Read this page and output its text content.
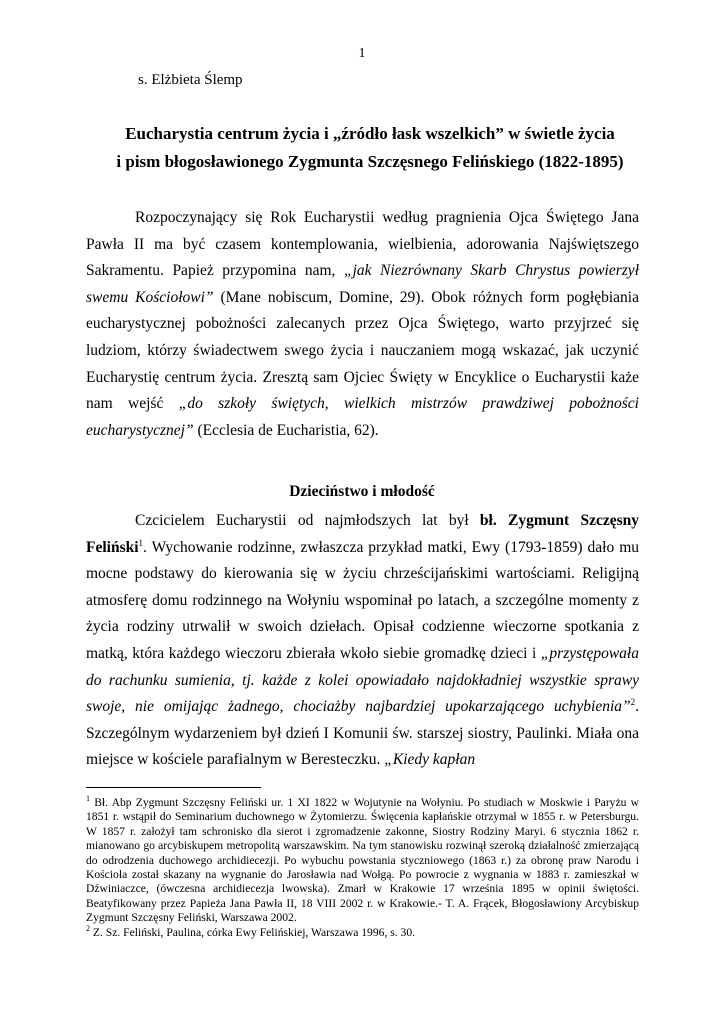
1
s. Elżbieta Ślemp
Eucharystia centrum życia i „źródło łask wszelkich” w świetle życia
i pism błogosławionego Zygmunta Szczęsnego Felińskiego (1822-1895)

Rozpoczynający się Rok Eucharystii według pragnienia Ojca Świętego Jana Pawła II ma być czasem kontemplowania, wielbienia, adorowania Najświętszego Sakramentu. Papież przypomina nam, „jak Niezrównany Skarb Chrystus powierzył swemu Kościołowi” (Mane nobiscum, Domine, 29). Obok różnych form pogłębiania eucharystycznej pobożności zalecanych przez Ojca Świętego, warto przyjrzeć się ludziom, którzy świadectwem swego życia i nauczaniem mogą wskazać, jak uczynić Eucharystię centrum życia. Zresztą sam Ojciec Święty w Encyklice o Eucharystii każe nam wejść „do szkoły świętych, wielkich mistrzów prawdziwej pobożności eucharystycznej” (Ecclesia de Eucharistia, 62).

Dzieciństwo i młodość

Czcicielem Eucharystii od najmłodszych lat był bł. Zygmunt Szczęsny Feliński$^1$. Wychowanie rodzinne, zwłaszcza przykład matki, Ewy (1793-1859) dało mu mocne podstawy do kierowania się w życiu chrześcijańskimi wartościami. Religijną atmosferę domu rodzinnego na Wołyniu wspominał po latach, a szczególne momenty z życia rodziny utrwalił w swoich dziełach. Opisał codzienne wieczorne spotkania z matką, która każdego wieczoru zbierała wkoło siebie gromadkę dzieci i „przystępowała do rachunku sumienia, tj. każde z kolei opowiadało najdokładniej wszystkie sprawy swoje, nie omijając żadnego, chociażby najbardziej upokarzającego uchybienia”$^2$. Szczególnym wydarzeniem był dzień I Komunii św. starszej siostry, Paulinki. Miała ona miejsce w kościele parafialnym w Beresteczku. „Kiedy kapłan

$^1$ Bł. Abp Zygmunt Szczęsny Feliński ur. 1 XI 1822 w Wojutynie na Wołyniu. Po studiach w Moskwie i Paryżu w 1851 r. wstąpił do Seminarium duchownego w Żytomierzu. Święcenia kapłańskie otrzymał w 1855 r. w Petersburgu. W 1857 r. założył tam schronisko dla sierot i zgromadzenie zakonne, Siostry Rodziny Maryi. 6 stycznia 1862 r. mianowano go arcybiskupem metropolitą warszawskim. Na tym stanowisku rozwinął szeroką działalność zmierzającą do odrodzenia duchowego archidiecezji. Po wybuchu powstania styczniowego (1863 r.) za obronę praw Narodu i Kościoła został skazany na wygnanie do Jarosławia nad Wołgą. Po powrocie z wygnania w 1883 r. zamieszkał w Dźwiniaczce, (ówczesna archidiecezja lwowska). Zmarł w Krakowie 17 września 1895 w opinii świętości. Beatyfikowany przez Papieża Jana Pawła II, 18 VIII 2002 r. w Krakowie.- T. A. Frącek, Błogosławiony Arcybiskup Zygmunt Szczęsny Feliński, Warszawa 2002.

$^2$ Z. Sz. Feliński, Paulina, córka Ewy Felińskiej, Warszawa 1996, s. 30.
